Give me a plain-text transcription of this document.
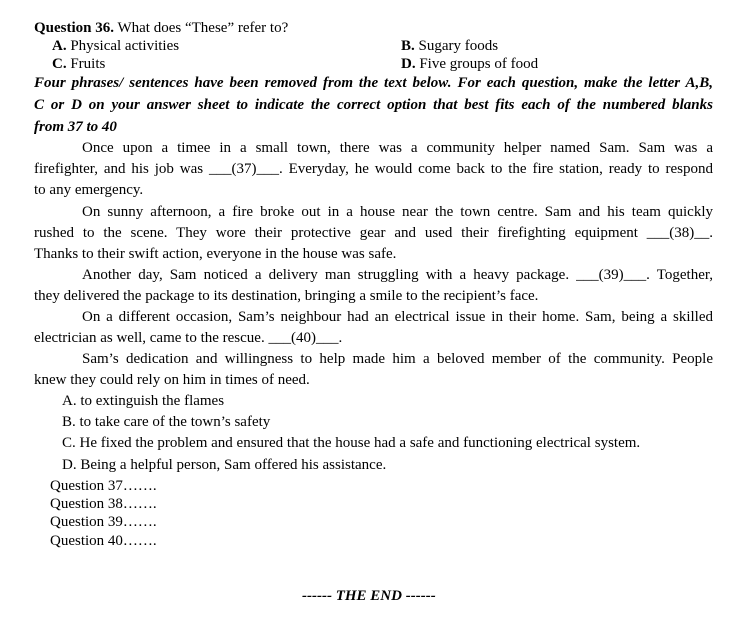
Question 36. What does “These” refer to?
A. Physical activities	B. Sugary foods
C. Fruits	D. Five groups of food
Four phrases/ sentences have been removed from the text below. For each question, make the letter A,B,
C or D on your answer sheet to indicate the correct option that best fits each of the numbered blanks
from 37 to 40
Once upon a timee in a small town, there was a community helper named Sam. Sam was a
firefighter, and his job was ___(37)___. Everyday, he would come back to the fire station, ready to respond
to any emergency.
On sunny afternoon, a fire broke out in a house near the town centre. Sam and his team quickly
rushed to the scene. They wore their protective gear and used their firefighting equipment ___(38)__.
Thanks to their swift action, everyone in the house was safe.
Another day, Sam noticed a delivery man struggling with a heavy package. ___(39)___. Together,
they delivered the package to its destination, bringing a smile to the recipient’s face.
On a different occasion, Sam’s neighbour had an electrical issue in their home. Sam, being a skilled
electrician as well, came to the rescue. ___(40)___.
Sam’s dedication and willingness to help made him a beloved member of the community. People
knew they could rely on him in times of need.
A. to extinguish the flames
B. to take care of the town’s safety
C. He fixed the problem and ensured that the house had a safe and functioning electrical system.
D. Being a helpful person, Sam offered his assistance.
Question 37…….
Question 38…….
Question 39…….
Question 40…….
------ THE END ------
